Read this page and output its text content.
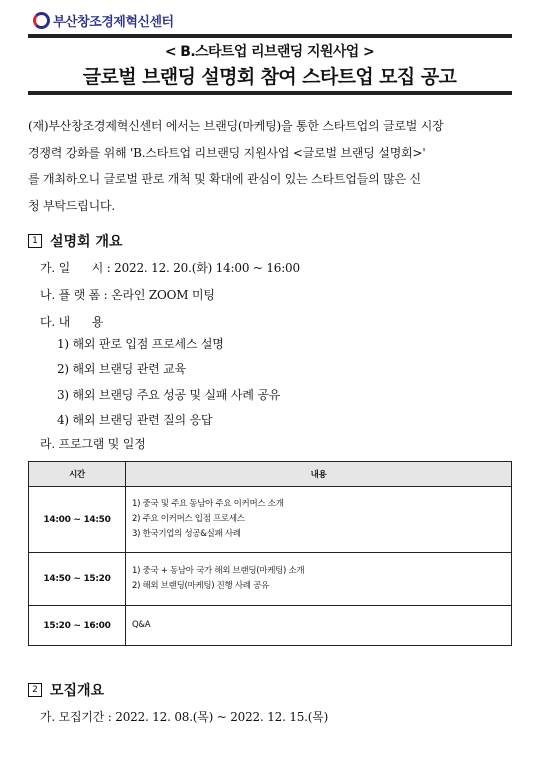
부산창조경제혁신센터
< B.스타트업 리브랜딩 지원사업 >
글로벌 브랜딩 설명회 참여 스타트업 모집 공고
(재)부산창조경제혁신센터 에서는 브랜딩(마케팅)을 통한 스타트업의 글로벌 시장
경쟁력 강화를 위해 'B.스타트업 리브랜딩 지원사업 <글로벌 브랜딩 설명회>'
를 개최하오니 글로벌 판로 개척 및 확대에 관심이 있는 스타트업들의 많은 신
청 부탁드립니다.
1 설명회 개요
가. 일      시 : 2022. 12. 20.(화) 14:00 ~ 16:00
나. 플 랫 폼 : 온라인 ZOOM 미팅
다. 내      용
1) 해외 판로 입점 프로세스 설명
2) 해외 브랜딩 관련 교육
3) 해외 브랜딩 주요 성공 및 실패 사례 공유
4) 해외 브랜딩 관련 질의 응답
라. 프로그램 및 일정
시간	내용
14:00 ~ 14:50	1) 중국 및 주요 동남아 주요 이커머스 소개
2) 주요 이커머스 입점 프로세스
3) 한국기업의 성공&실패 사례

14:50 ~ 15:20	1) 중국 + 동남아 국가 해외 브랜딩(마케팅) 소개
2) 해외 브랜딩(마케팅) 진행 사례 공유

15:20 ~ 16:00	Q&A
2 모집개요
가. 모집기간 : 2022. 12. 08.(목) ~ 2022. 12. 15.(목)
